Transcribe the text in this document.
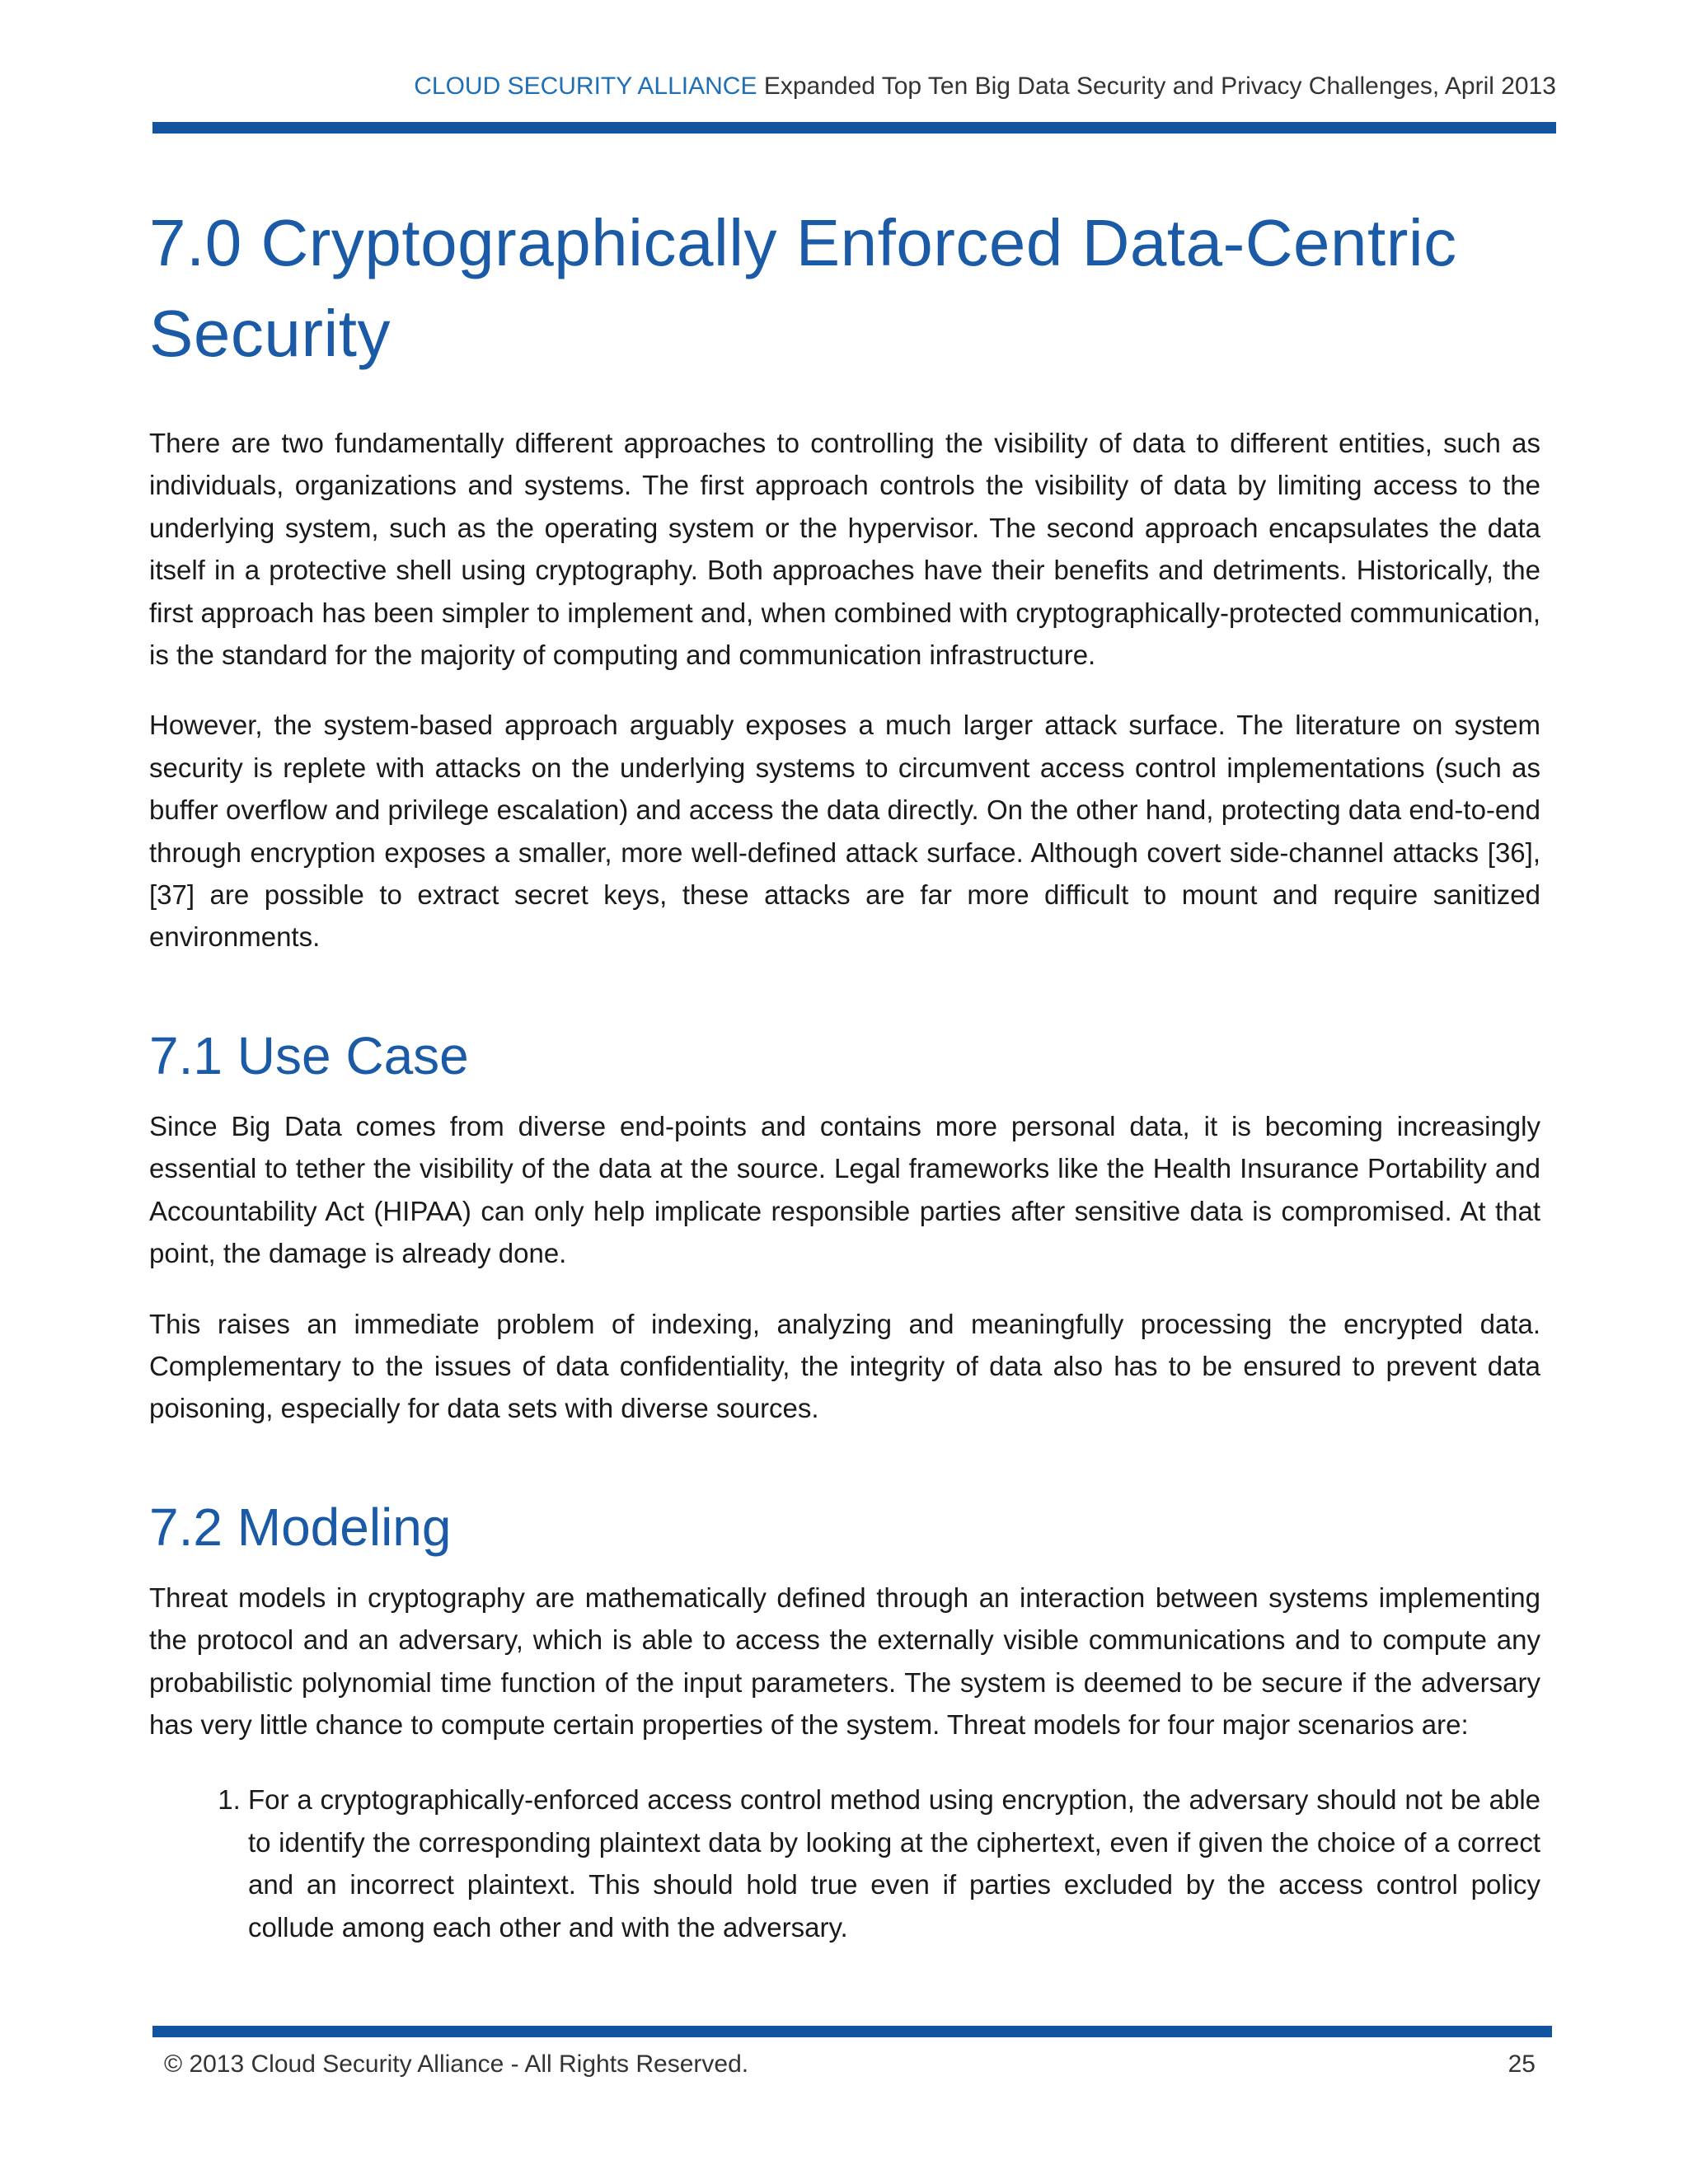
CLOUD SECURITY ALLIANCE Expanded Top Ten Big Data Security and Privacy Challenges, April 2013
7.0 Cryptographically Enforced Data-Centric Security

There are two fundamentally different approaches to controlling the visibility of data to different entities, such as individuals, organizations and systems. The first approach controls the visibility of data by limiting access to the underlying system, such as the operating system or the hypervisor. The second approach encapsulates the data itself in a protective shell using cryptography. Both approaches have their benefits and detriments. Historically, the first approach has been simpler to implement and, when combined with cryptographically-protected communication, is the standard for the majority of computing and communication infrastructure.

However, the system-based approach arguably exposes a much larger attack surface. The literature on system security is replete with attacks on the underlying systems to circumvent access control implementations (such as buffer overflow and privilege escalation) and access the data directly. On the other hand, protecting data end-to-end through encryption exposes a smaller, more well-defined attack surface. Although covert side-channel attacks [36], [37] are possible to extract secret keys, these attacks are far more difficult to mount and require sanitized environments.

7.1 Use Case

Since Big Data comes from diverse end-points and contains more personal data, it is becoming increasingly essential to tether the visibility of the data at the source. Legal frameworks like the Health Insurance Portability and Accountability Act (HIPAA) can only help implicate responsible parties after sensitive data is compromised. At that point, the damage is already done.

This raises an immediate problem of indexing, analyzing and meaningfully processing the encrypted data. Complementary to the issues of data confidentiality, the integrity of data also has to be ensured to prevent data poisoning, especially for data sets with diverse sources.

7.2 Modeling

Threat models in cryptography are mathematically defined through an interaction between systems implementing the protocol and an adversary, which is able to access the externally visible communications and to compute any probabilistic polynomial time function of the input parameters. The system is deemed to be secure if the adversary has very little chance to compute certain properties of the system. Threat models for four major scenarios are:

1. For a cryptographically-enforced access control method using encryption, the adversary should not be able to identify the corresponding plaintext data by looking at the ciphertext, even if given the choice of a correct and an incorrect plaintext. This should hold true even if parties excluded by the access control policy collude among each other and with the adversary.
© 2013 Cloud Security Alliance - All Rights Reserved.	25
